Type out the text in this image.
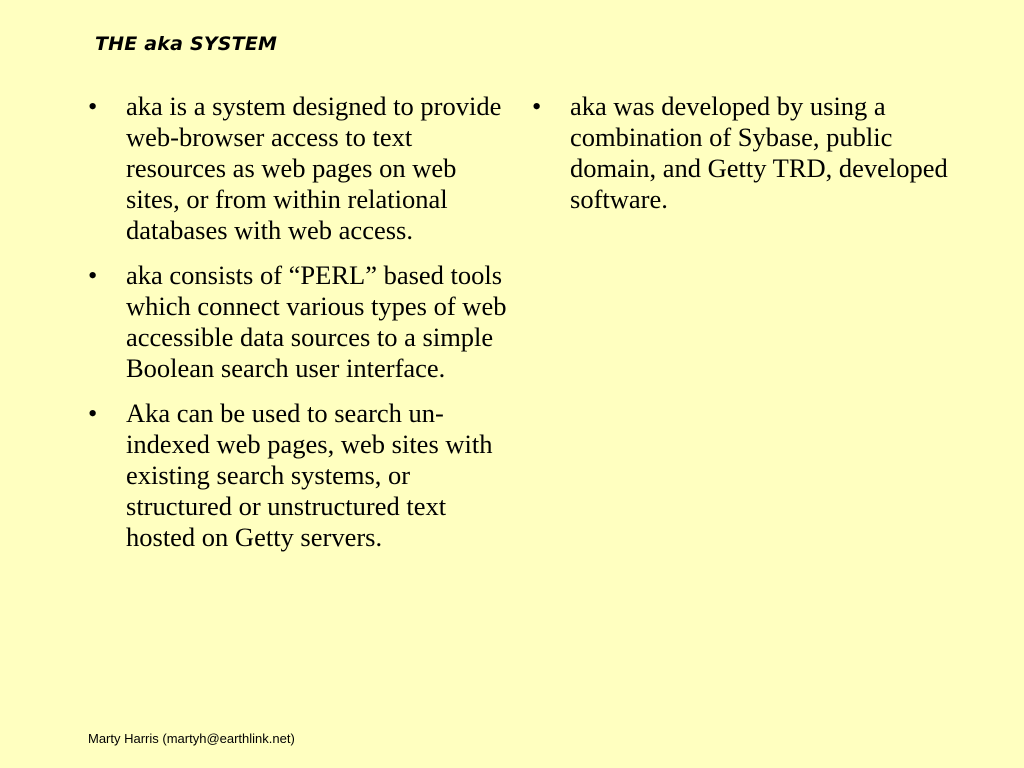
THE aka SYSTEM
• aka is a system designed to provide web-browser access to text resources as web pages on web sites, or from within relational databases with web access.
• aka consists of “PERL” based tools which connect various types of web accessible data sources to a simple Boolean search user interface.
• Aka can be used to search un-indexed web pages, web sites with existing search systems, or structured or unstructured text hosted on Getty servers.
• aka was developed by using a combination of Sybase, public domain, and Getty TRD, developed software.
Marty Harris (martyh@earthlink.net)
